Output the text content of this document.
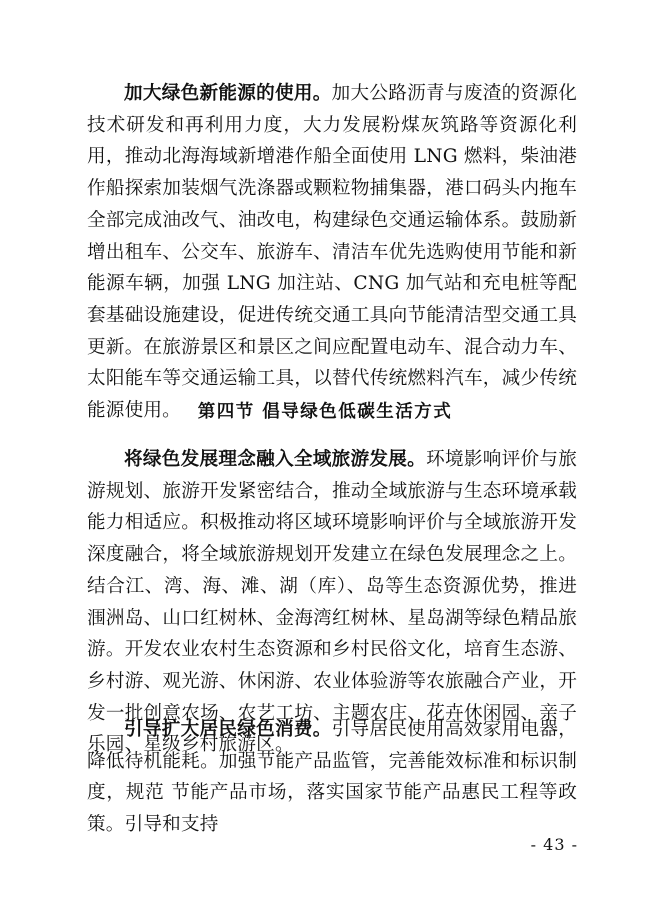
加大绿色新能源的使用。加大公路沥青与废渣的资源化技术研发和再利用力度，大力发展粉煤灰筑路等资源化利用，推动北海海域新增港作船全面使用 LNG 燃料，柴油港作船探索加装烟气洗涤器或颗粒物捕集器，港口码头内拖车全部完成油改气、油改电，构建绿色交通运输体系。鼓励新增出租车、公交车、旅游车、清洁车优先选购使用节能和新能源车辆，加强 LNG 加注站、CNG 加气站和充电桩等配套基础设施建设，促进传统交通工具向节能清洁型交通工具更新。在旅游景区和景区之间应配置电动车、混合动力车、太阳能车等交通运输工具，以替代传统燃料汽车，减少传统能源使用。 第四节 倡导绿色低碳生活方式

将绿色发展理念融入全域旅游发展。环境影响评价与旅游规划、旅游开发紧密结合，推动全域旅游与生态环境承载能力相适应。积极推动将区域环境影响评价与全域旅游开发深度融合，将全域旅游规划开发建立在绿色发展理念之上。结合江、湾、海、滩、湖（库）、岛等生态资源优势，推进涠洲岛、山口红树林、金海湾红树林、星岛湖等绿色精品旅游。开发农业农村生态资源和乡村民俗文化，培育生态游、乡村游、观光游、休闲游、农业体验游等农旅融合产业，开发一批创意农场、农艺工坊、主题农庄、花卉休闲园、亲子乐园、星级乡村旅游区。

引导扩大居民绿色消费。引导居民使用高效家用电器，降低待机能耗。加强节能产品监管，完善能效标准和标识制度，规范 节能产品市场，落实国家节能产品惠民工程等政策。引导和支持

- 43 -
